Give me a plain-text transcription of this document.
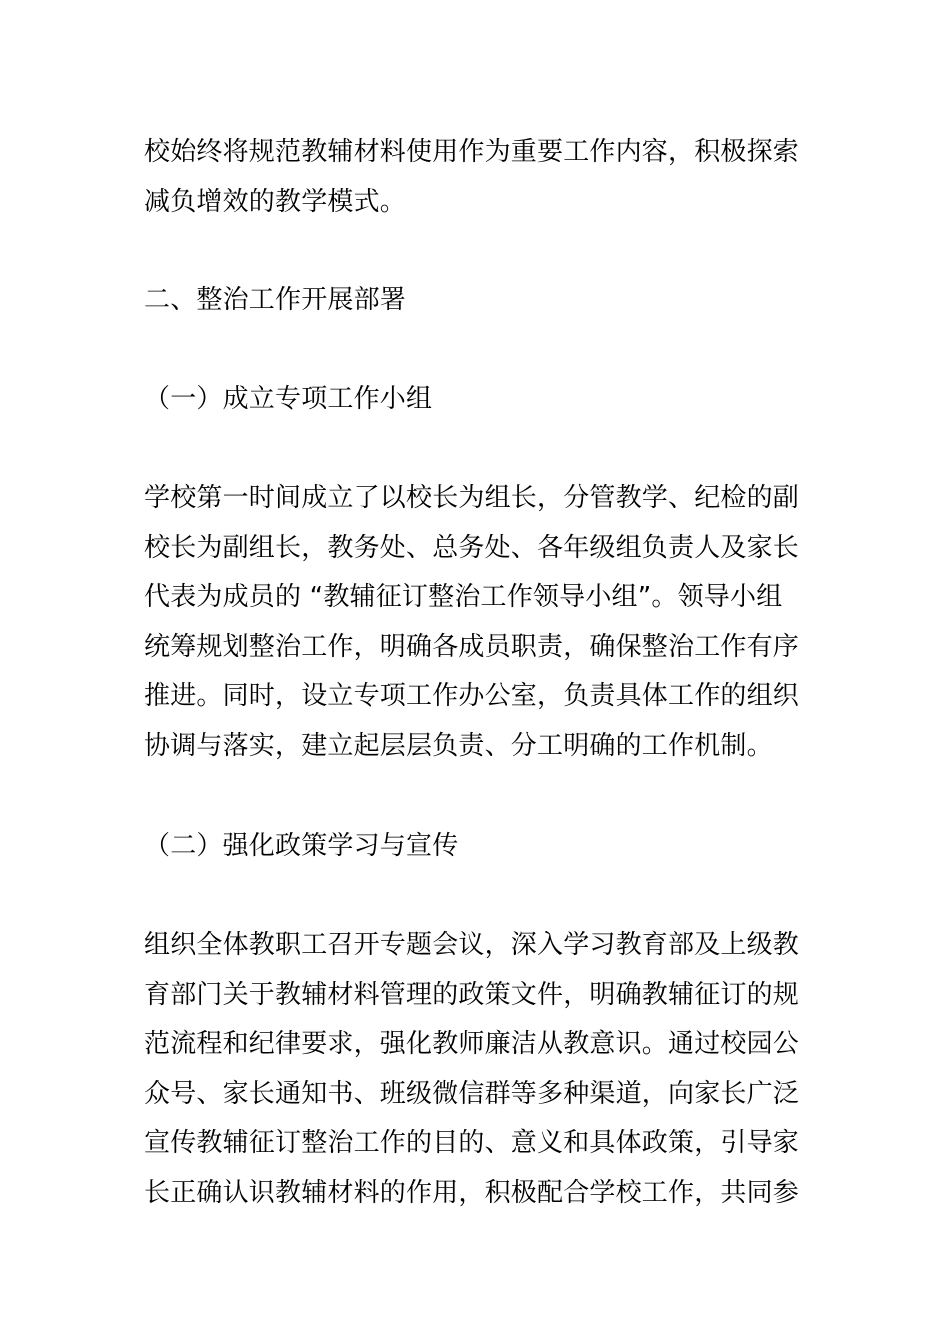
校始终将规范教辅材料使用作为重要工作内容，积极探索
减负增效的教学模式。
二、整治工作开展部署
（一）成立专项工作小组
学校第一时间成立了以校长为组长，分管教学、纪检的副
校长为副组长，教务处、总务处、各年级组负责人及家长
代表为成员的 “教辅征订整治工作领导小组”。领导小组
统筹规划整治工作，明确各成员职责，确保整治工作有序
推进。同时，设立专项工作办公室，负责具体工作的组织
协调与落实，建立起层层负责、分工明确的工作机制。
（二）强化政策学习与宣传
组织全体教职工召开专题会议，深入学习教育部及上级教
育部门关于教辅材料管理的政策文件，明确教辅征订的规
范流程和纪律要求，强化教师廉洁从教意识。通过校园公
众号、家长通知书、班级微信群等多种渠道，向家长广泛
宣传教辅征订整治工作的目的、意义和具体政策，引导家
长正确认识教辅材料的作用，积极配合学校工作，共同参
